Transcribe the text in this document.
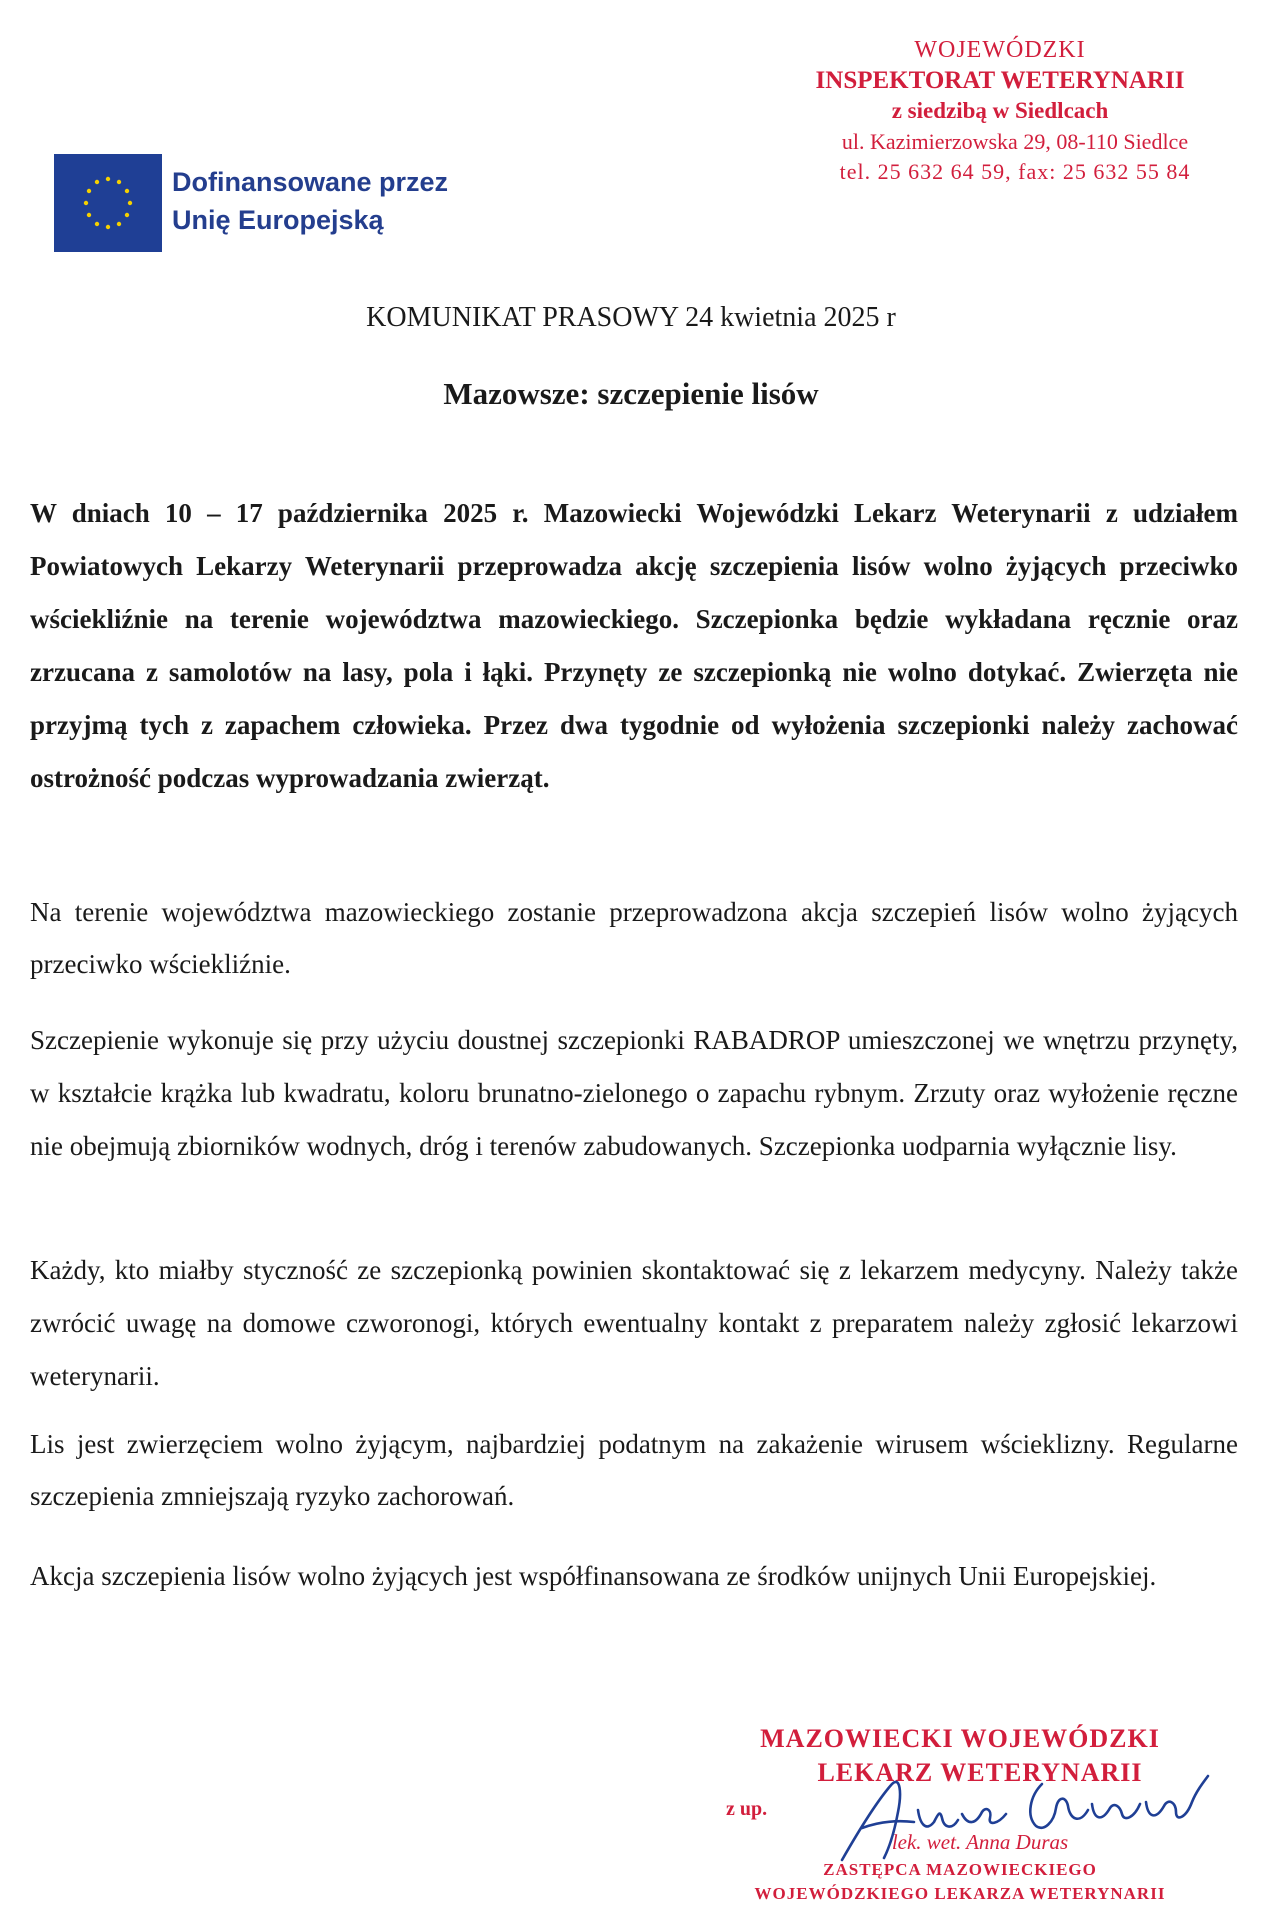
Dofinansowane przez
Unię Europejską
WOJEWÓDZKI
INSPEKTORAT WETERYNARII
z siedzibą w Siedlcach
ul. Kazimierzowska 29, 08-110 Siedlce
tel. 25 632 64 59, fax: 25 632 55 84
KOMUNIKAT PRASOWY 24 kwietnia 2025 r
Mazowsze: szczepienie lisów
W dniach 10 – 17 października 2025 r. Mazowiecki Wojewódzki Lekarz Weterynarii z udziałem Powiatowych Lekarzy Weterynarii przeprowadza akcję szczepienia lisów wolno żyjących przeciwko wściekliźnie na terenie województwa mazowieckiego. Szczepionka będzie wykładana ręcznie oraz zrzucana z samolotów na lasy, pola i łąki. Przynęty ze szczepionką nie wolno dotykać. Zwierzęta nie przyjmą tych z zapachem człowieka. Przez dwa tygodnie od wyłożenia szczepionki należy zachować ostrożność podczas wyprowadzania zwierząt.
Na terenie województwa mazowieckiego zostanie przeprowadzona akcja szczepień lisów wolno żyjących przeciwko wściekliźnie.
Szczepienie wykonuje się przy użyciu doustnej szczepionki RABADROP umieszczonej we wnętrzu przynęty, w kształcie krążka lub kwadratu, koloru brunatno-zielonego o zapachu rybnym. Zrzuty oraz wyłożenie ręczne nie obejmują zbiorników wodnych, dróg i terenów zabudowanych. Szczepionka uodparnia wyłącznie lisy.
Każdy, kto miałby styczność ze szczepionką powinien skontaktować się z lekarzem medycyny. Należy także zwrócić uwagę na domowe czworonogi, których ewentualny kontakt z preparatem należy zgłosić lekarzowi weterynarii.
Lis jest zwierzęciem wolno żyjącym, najbardziej podatnym na zakażenie wirusem wścieklizny. Regularne szczepienia zmniejszają ryzyko zachorowań.
Akcja szczepienia lisów wolno żyjących jest współfinansowana ze środków unijnych Unii Europejskiej.
MAZOWIECKI WOJEWÓDZKI
LEKARZ WETERYNARII
z up.
lek. wet. Anna Duras
ZASTĘPCA MAZOWIECKIEGO
WOJEWÓDZKIEGO LEKARZA WETERYNARII
